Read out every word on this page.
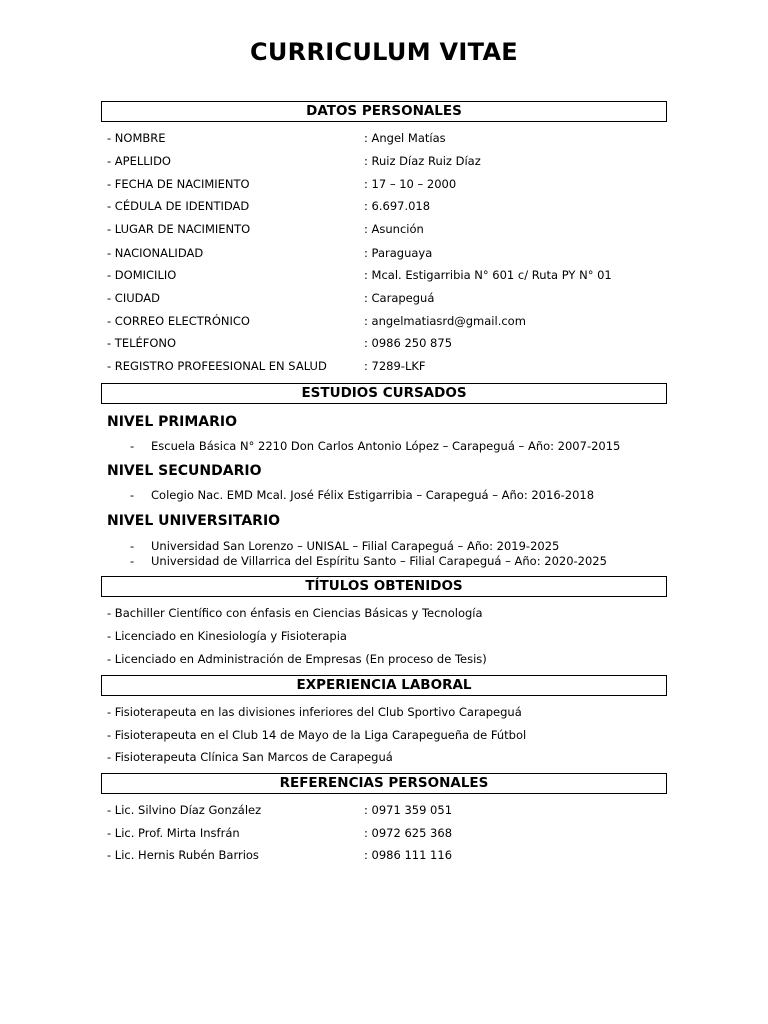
CURRICULUM VITAE
DATOS PERSONALES
- NOMBRE	: Angel Matías
- APELLIDO	: Ruiz Díaz Ruiz Díaz
- FECHA DE NACIMIENTO	: 17 – 10 – 2000
- CÉDULA DE IDENTIDAD	: 6.697.018
- LUGAR DE NACIMIENTO	: Asunción
- NACIONALIDAD	: Paraguaya
- DOMICILIO	: Mcal. Estigarribia N° 601 c/ Ruta PY N° 01
- CIUDAD	: Carapeguá
- CORREO ELECTRÓNICO	: angelmatiasrd@gmail.com
- TELÉFONO	: 0986 250 875
- REGISTRO PROFEESIONAL EN SALUD	: 7289-LKF
ESTUDIOS CURSADOS
NIVEL PRIMARIO
- Escuela Básica N° 2210 Don Carlos Antonio López – Carapeguá – Año: 2007-2015
NIVEL SECUNDARIO
- Colegio Nac. EMD Mcal. José Félix Estigarribia – Carapeguá – Año: 2016-2018
NIVEL UNIVERSITARIO
- Universidad San Lorenzo – UNISAL – Filial Carapeguá – Año: 2019-2025
- Universidad de Villarrica del Espíritu Santo – Filial Carapeguá – Año: 2020-2025
TÍTULOS OBTENIDOS
- Bachiller Científico con énfasis en Ciencias Básicas y Tecnología
- Licenciado en Kinesiología y Fisioterapia
- Licenciado en Administración de Empresas (En proceso de Tesis)
EXPERIENCIA LABORAL
- Fisioterapeuta en las divisiones inferiores del Club Sportivo Carapeguá
- Fisioterapeuta en el Club 14 de Mayo de la Liga Carapegueña de Fútbol
- Fisioterapeuta Clínica San Marcos de Carapeguá
REFERENCIAS PERSONALES
- Lic. Silvino Díaz González	: 0971 359 051
- Lic. Prof. Mirta Insfrán	: 0972 625 368
- Lic. Hernis Rubén Barrios	: 0986 111 116
